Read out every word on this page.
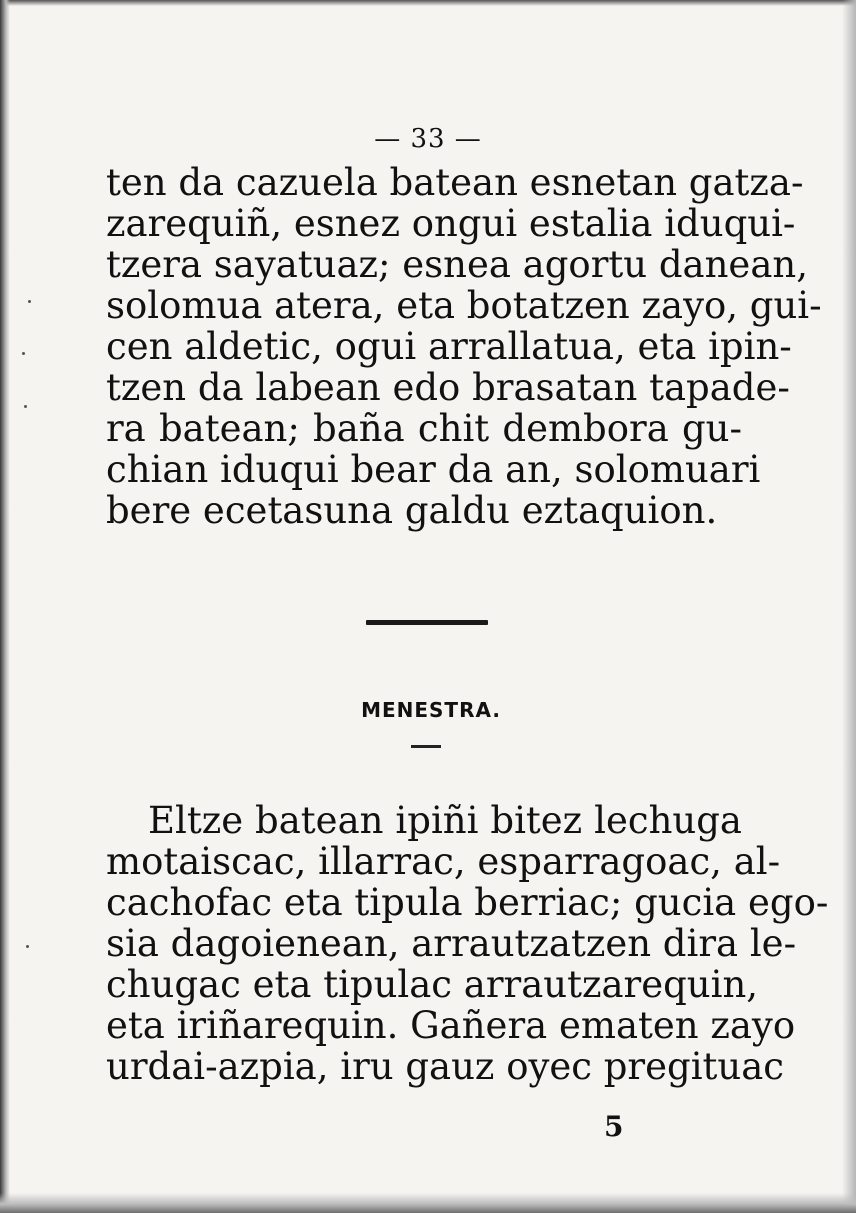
— 33 —
ten da cazuela batean esnetan gatza-
zarequiñ, esnez ongui estalia iduqui-
tzera sayatuaz; esnea agortu danean,
solomua atera, eta botatzen zayo, gui-
cen aldetic, ogui arrallatua, eta ipin-
tzen da labean edo brasatan tapade-
ra batean; baña chit dembora gu-
chian iduqui bear da an, solomuari
bere ecetasuna galdu eztaquion.
MENESTRA.
Eltze batean ipiñi bitez lechuga
motaiscac, illarrac, esparragoac, al-
cachofac eta tipula berriac; gucia ego-
sia dagoienean, arrautzatzen dira le-
chugac eta tipulac arrautzarequin,
eta iriñarequin. Gañera ematen zayo
urdai-azpia, iru gauz oyec pregituac
5
